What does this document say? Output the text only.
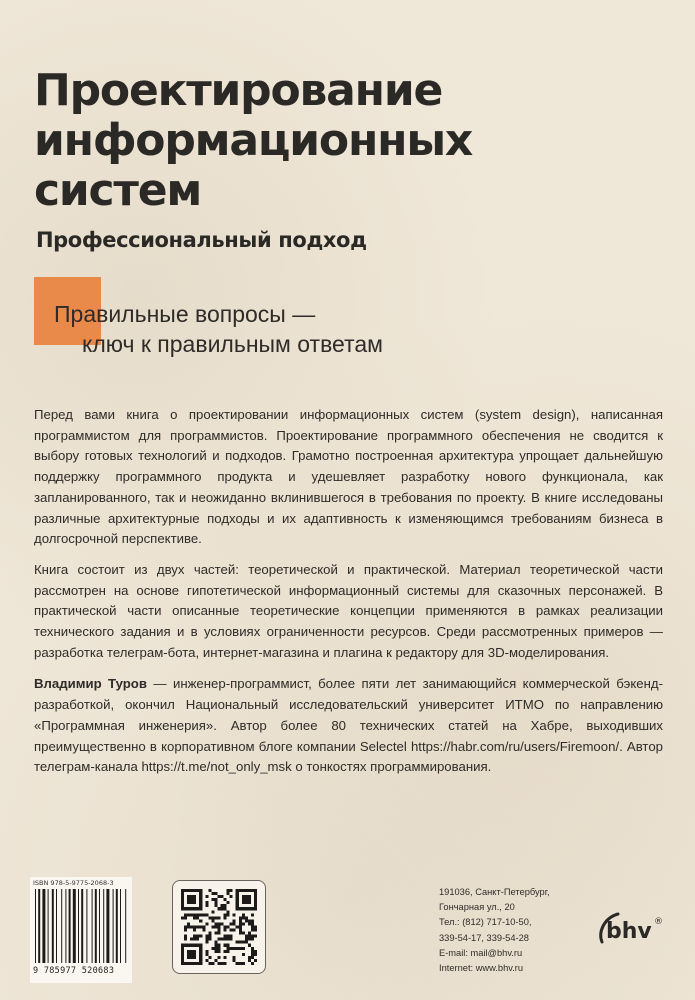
Проектирование
информационных
систем
Профессиональный подход
Правильные вопросы —
ключ к правильным ответам

Перед вами книга о проектировании информационных систем (system design), написанная программистом для программистов. Проектирование программного обеспечения не сводится к выбору готовых технологий и подходов. Грамотно построенная архитектура упрощает дальнейшую поддержку программного продукта и удешевляет разработку нового функционала, как запланированного, так и неожиданно вклинившегося в требования по проекту. В книге исследованы различные архитектурные подходы и их адаптивность к изменяющимся требованиям бизнеса в долгосрочной перспективе.

Книга состоит из двух частей: теоретической и практической. Материал теоретической части рассмотрен на основе гипотетической информационный системы для сказочных персонажей. В практической части описанные теоретические концепции применяются в рамках реализации технического задания и в условиях ограниченности ресурсов. Среди рассмотренных примеров — разработка телеграм-бота, интернет-магазина и плагина к редактору для 3D-моделирования.

Владимир Туров — инженер-программист, более пяти лет занимающийся коммерческой бэкенд-разработкой, окончил Национальный исследовательский университет ИТМО по направлению «Программная инженерия». Автор более 80 технических статей на Хабре, выходивших преимущественно в корпоративном блоге компании Selectel https://habr.com/ru/users/Firemoon/. Автор телеграм-канала https://t.me/not_only_msk о тонкостях программирования.

ISBN 978-5-9775-2068-3
9 785977 520683
191036, Санкт-Петербург,
Гончарная ул., 20
Тел.: (812) 717-10-50,
339-54-17, 339-54-28
E-mail: mail@bhv.ru
Internet: www.bhv.ru
bhv ®
